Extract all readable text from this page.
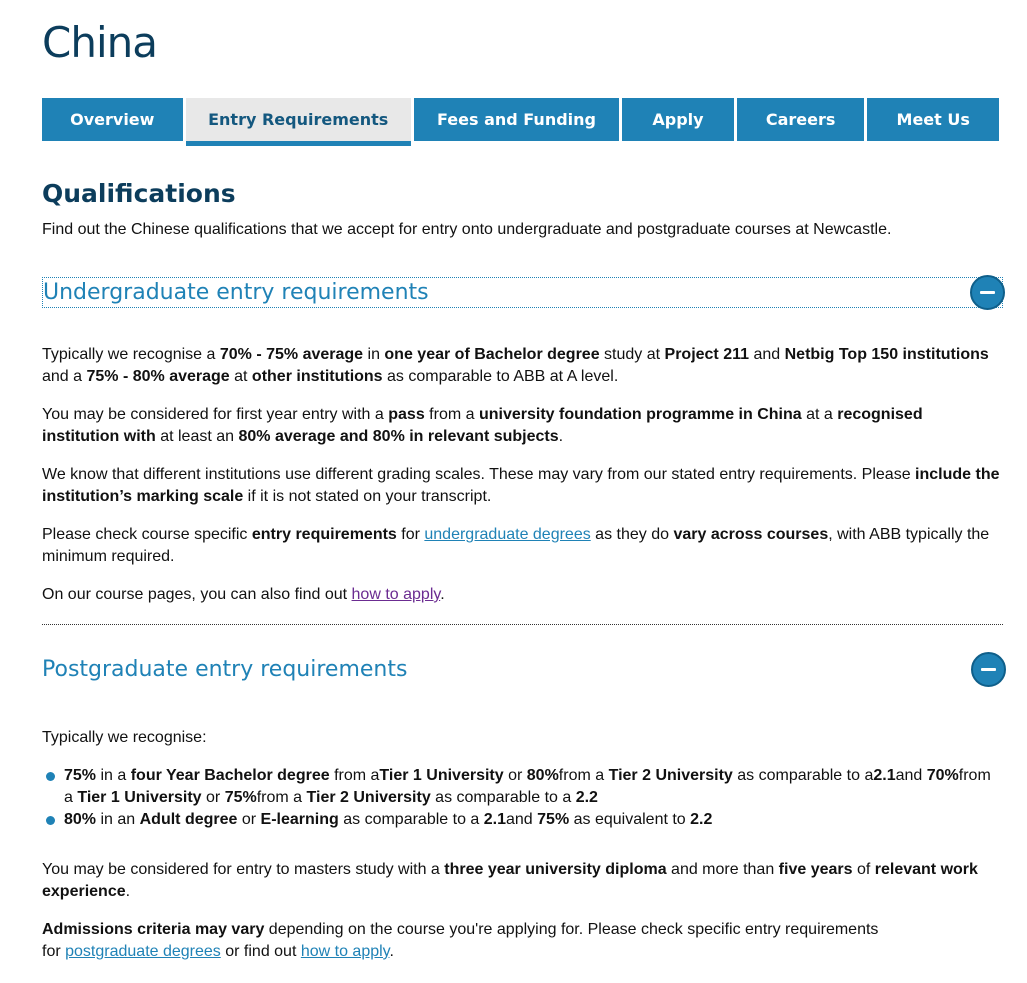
China
Overview	Entry Requirements	Fees and Funding	Apply	Careers	Meet Us
Qualifications

Find out the Chinese qualifications that we accept for entry onto undergraduate and postgraduate courses at Newcastle.

Undergraduate entry requirements

Typically we recognise a 70% - 75% average in one year of Bachelor degree study at Project 211 and Netbig Top 150 institutions and a 75% - 80% average at other institutions as comparable to ABB at A level.

You may be considered for first year entry with a pass from a university foundation programme in China at a recognised institution with at least an 80% average and 80% in relevant subjects.

We know that different institutions use different grading scales. These may vary from our stated entry requirements. Please include the institution’s marking scale if it is not stated on your transcript.

Please check course specific entry requirements for undergraduate degrees as they do vary across courses, with ABB typically the minimum required.

On our course pages, you can also find out how to apply.

Postgraduate entry requirements

Typically we recognise:

75% in a four Year Bachelor degree from aTier 1 University or 80%from a Tier 2 University as comparable to a2.1and 70%from a Tier 1 University or 75%from a Tier 2 University as comparable to a 2.2
80% in an Adult degree or E-learning as comparable to a 2.1and 75% as equivalent to 2.2

You may be considered for entry to masters study with a three year university diploma and more than five years of relevant work experience.

Admissions criteria may vary depending on the course you're applying for. Please check specific entry requirements for postgraduate degrees or find out how to apply.
